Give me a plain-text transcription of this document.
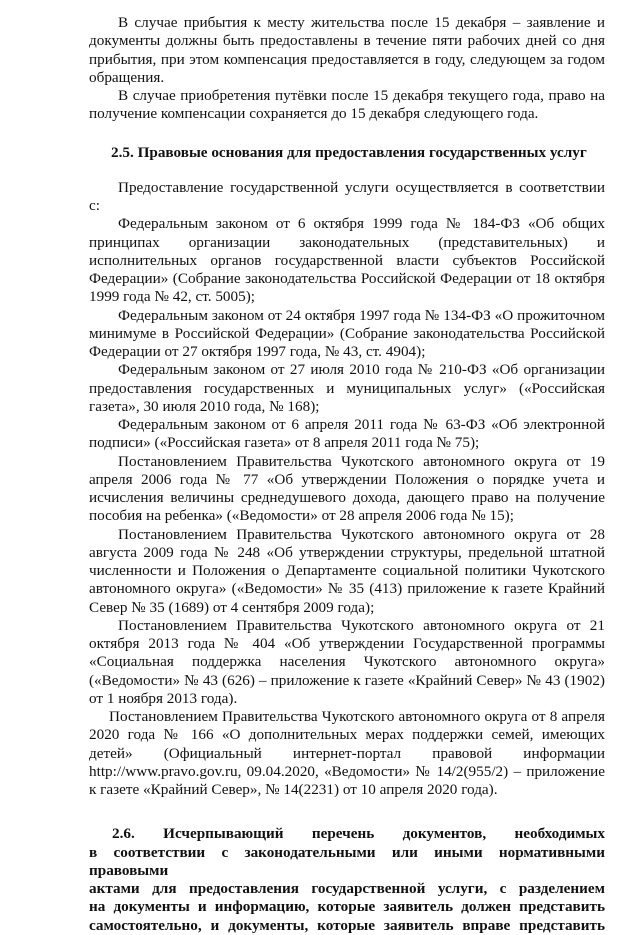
В случае прибытия к месту жительства после 15 декабря – заявление и документы должны быть предоставлены в течение пяти рабочих дней со дня прибытия, при этом компенсация предоставляется в году, следующем за годом обращения.

В случае приобретения путёвки после 15 декабря текущего года, право на получение компенсации сохраняется до 15 декабря следующего года.

2.5. Правовые основания для предоставления государственных услуг

Предоставление государственной услуги осуществляется в соответствии с:

Федеральным законом от 6 октября 1999 года № 184-ФЗ «Об общих принципах организации законодательных (представительных) и исполнительных органов государственной власти субъектов Российской Федерации» (Собрание законодательства Российской Федерации от 18 октября 1999 года № 42, ст. 5005);

Федеральным законом от 24 октября 1997 года № 134-ФЗ «О прожиточном минимуме в Российской Федерации» (Собрание законодательства Российской Федерации от 27 октября 1997 года, № 43, ст. 4904);

Федеральным законом от 27 июля 2010 года № 210-ФЗ «Об организации предоставления государственных и муниципальных услуг» («Российская газета», 30 июля 2010 года, № 168);

Федеральным законом от 6 апреля 2011 года № 63-ФЗ «Об электронной подписи» («Российская газета» от 8 апреля 2011 года № 75);

Постановлением Правительства Чукотского автономного округа от 19 апреля 2006 года № 77 «Об утверждении Положения о порядке учета и исчисления величины среднедушевого дохода, дающего право на получение пособия на ребенка» («Ведомости» от 28 апреля 2006 года № 15);

Постановлением Правительства Чукотского автономного округа от 28 августа 2009 года № 248 «Об утверждении структуры, предельной штатной численности и Положения о Департаменте социальной политики Чукотского автономного округа» («Ведомости» № 35 (413) приложение к газете Крайний Север № 35 (1689) от 4 сентября 2009 года);

Постановлением Правительства Чукотского автономного округа от 21 октября 2013 года № 404 «Об утверждении Государственной программы «Социальная поддержка населения Чукотского автономного округа» («Ведомости» № 43 (626) – приложение к газете «Крайний Север» № 43 (1902) от 1 ноября 2013 года).

Постановлением Правительства Чукотского автономного округа от 8 апреля 2020 года № 166 «О дополнительных мерах поддержки семей, имеющих детей» (Официальный интернет-портал правовой информации http://www.pravo.gov.ru, 09.04.2020, «Ведомости» № 14/2(955/2) – приложение к газете «Крайний Север», № 14(2231) от 10 апреля 2020 года).

2.6. Исчерпывающий перечень документов, необходимых
в соответствии с законодательными или иными нормативными правовыми
актами для предоставления государственной услуги, с разделением
на документы и информацию, которые заявитель должен представить
самостоятельно, и документы, которые заявитель вправе представить
